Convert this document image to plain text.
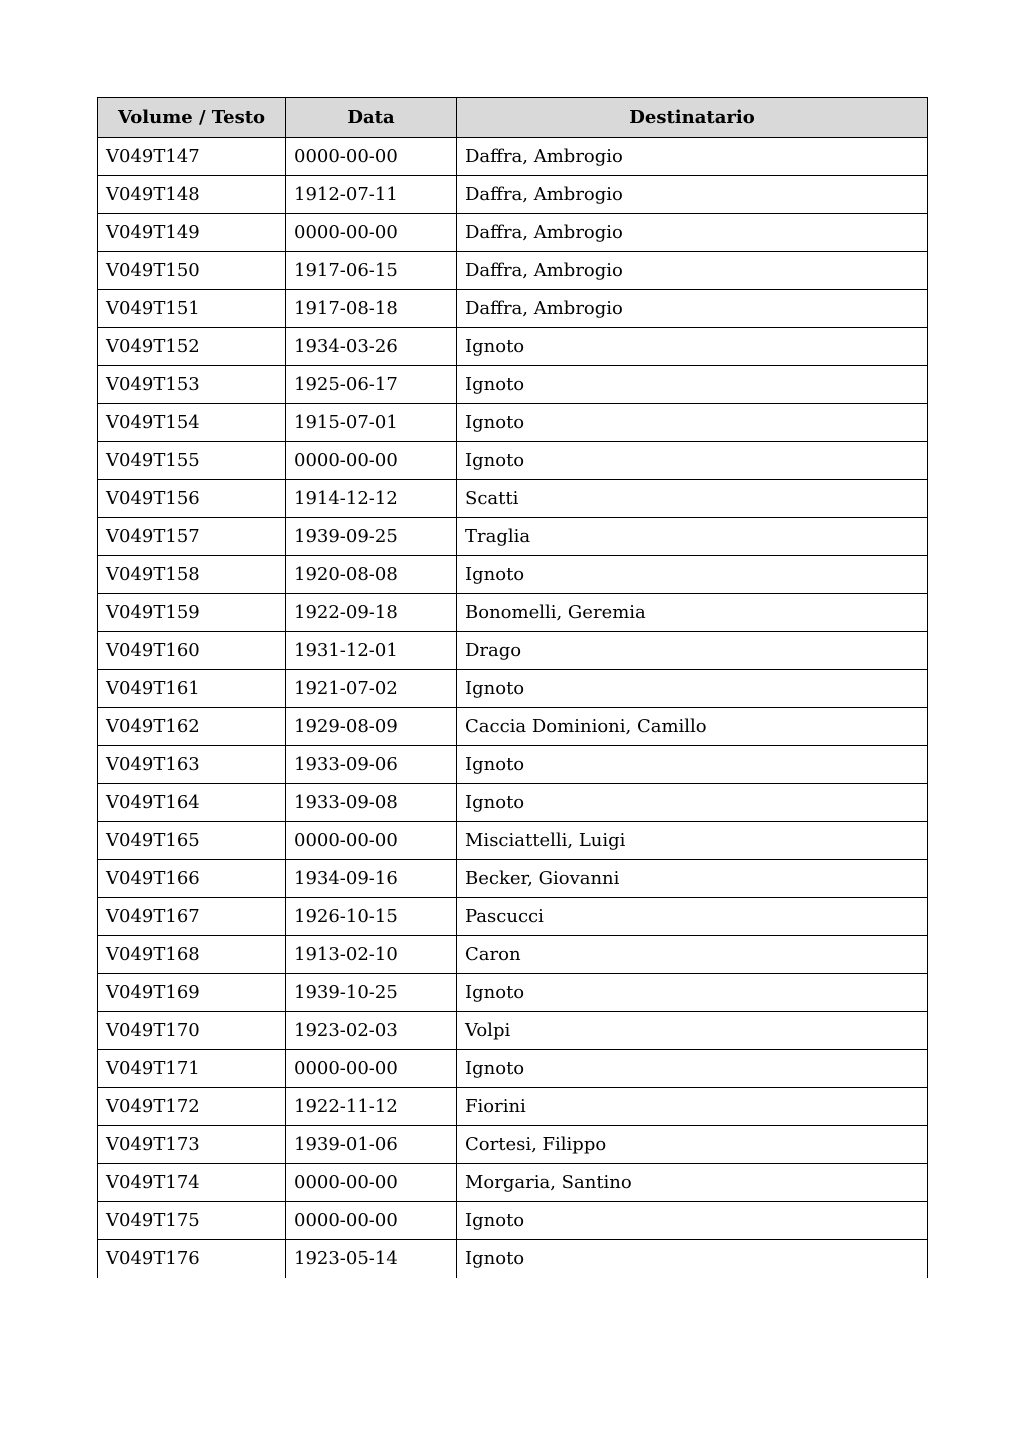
Volume / Testo	Data	Destinatario
V049T147	0000-00-00	Daffra, Ambrogio
V049T148	1912-07-11	Daffra, Ambrogio
V049T149	0000-00-00	Daffra, Ambrogio
V049T150	1917-06-15	Daffra, Ambrogio
V049T151	1917-08-18	Daffra, Ambrogio
V049T152	1934-03-26	Ignoto
V049T153	1925-06-17	Ignoto
V049T154	1915-07-01	Ignoto
V049T155	0000-00-00	Ignoto
V049T156	1914-12-12	Scatti
V049T157	1939-09-25	Traglia
V049T158	1920-08-08	Ignoto
V049T159	1922-09-18	Bonomelli, Geremia
V049T160	1931-12-01	Drago
V049T161	1921-07-02	Ignoto
V049T162	1929-08-09	Caccia Dominioni, Camillo
V049T163	1933-09-06	Ignoto
V049T164	1933-09-08	Ignoto
V049T165	0000-00-00	Misciattelli, Luigi
V049T166	1934-09-16	Becker, Giovanni
V049T167	1926-10-15	Pascucci
V049T168	1913-02-10	Caron
V049T169	1939-10-25	Ignoto
V049T170	1923-02-03	Volpi
V049T171	0000-00-00	Ignoto
V049T172	1922-11-12	Fiorini
V049T173	1939-01-06	Cortesi, Filippo
V049T174	0000-00-00	Morgaria, Santino
V049T175	0000-00-00	Ignoto
V049T176	1923-05-14	Ignoto
